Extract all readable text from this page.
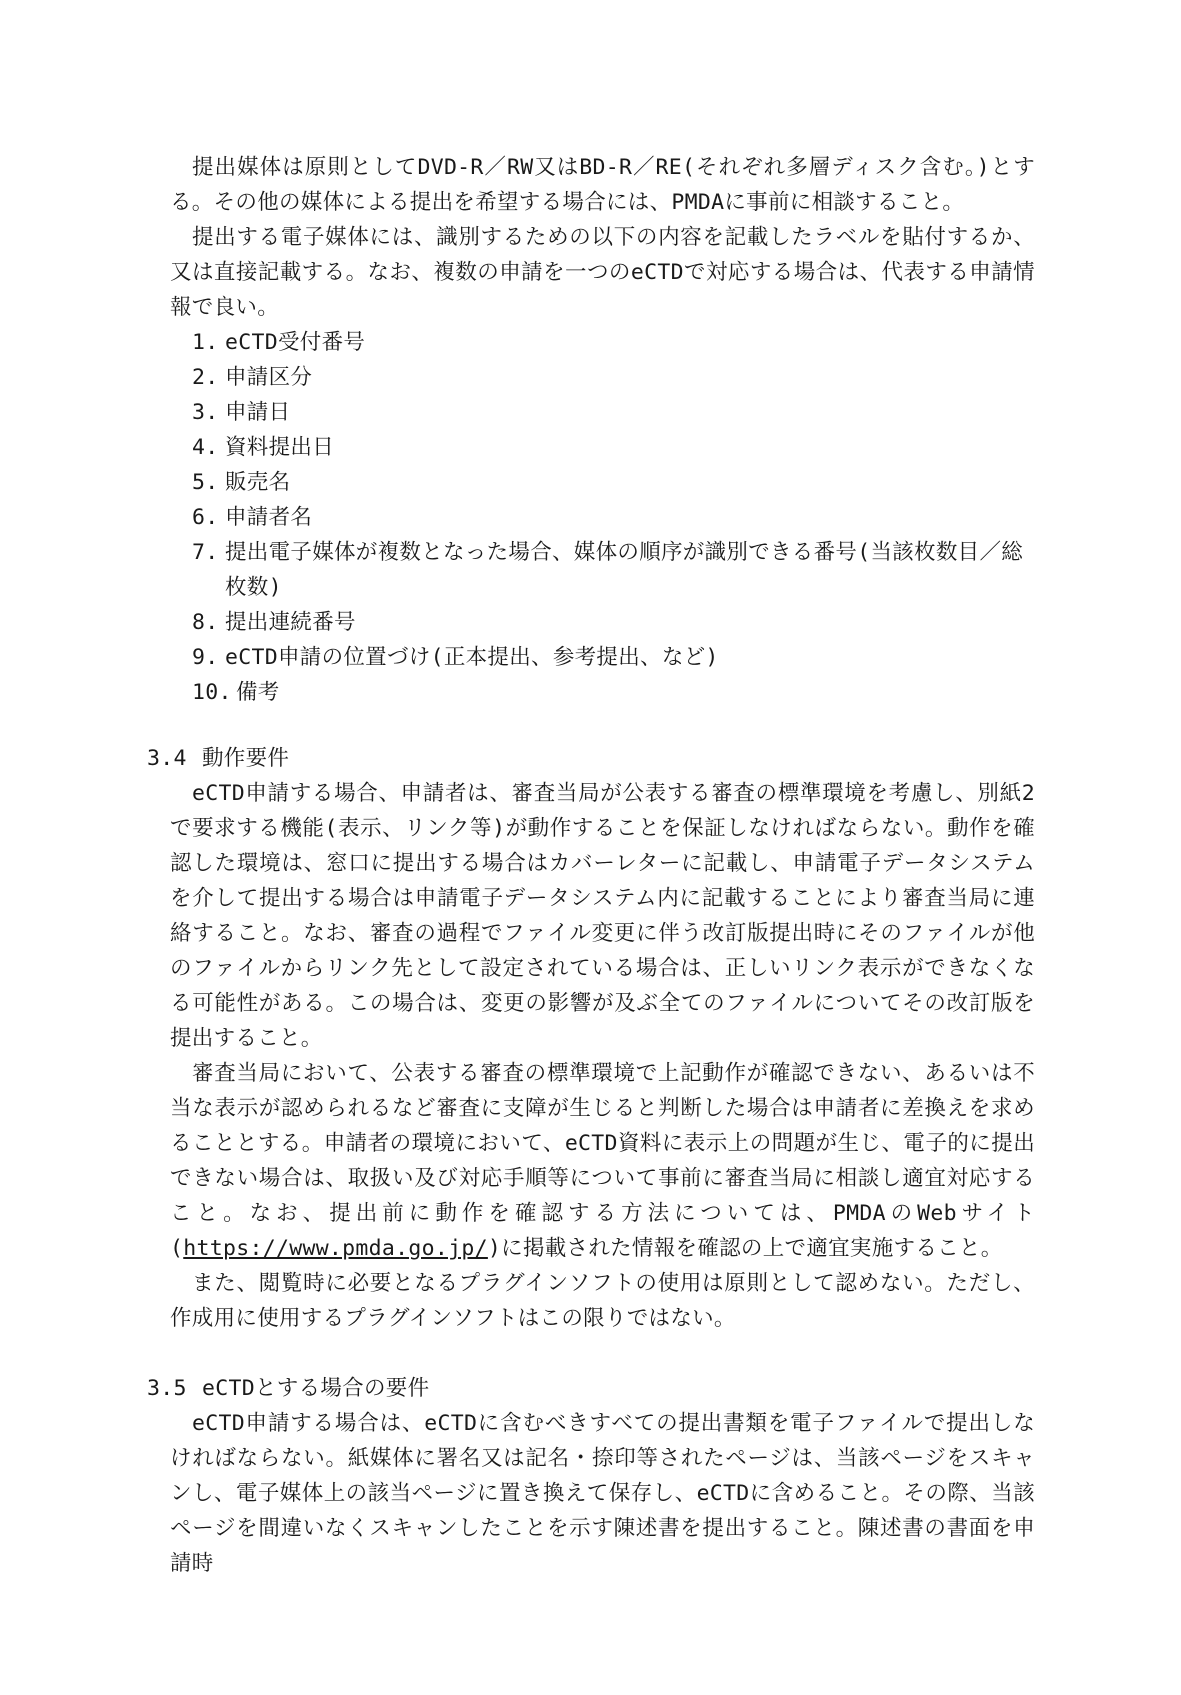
提出媒体は原則としてDVD-R／RW又はBD-R／RE(それぞれ多層ディスク含む。)とする。その他の媒体による提出を希望する場合には、PMDAに事前に相談すること。

提出する電子媒体には、識別するための以下の内容を記載したラベルを貼付するか、又は直接記載する。なお、複数の申請を一つのeCTDで対応する場合は、代表する申請情報で良い。

1. eCTD受付番号
2. 申請区分
3. 申請日
4. 資料提出日
5. 販売名
6. 申請者名
7. 提出電子媒体が複数となった場合、媒体の順序が識別できる番号(当該枚数目／総枚数)
8. 提出連続番号
9. eCTD申請の位置づけ(正本提出、参考提出、など)
10. 備考
3.4 動作要件

eCTD申請する場合、申請者は、審査当局が公表する審査の標準環境を考慮し、別紙2で要求する機能(表示、リンク等)が動作することを保証しなければならない。動作を確認した環境は、窓口に提出する場合はカバーレターに記載し、申請電子データシステムを介して提出する場合は申請電子データシステム内に記載することにより審査当局に連絡すること。なお、審査の過程でファイル変更に伴う改訂版提出時にそのファイルが他のファイルからリンク先として設定されている場合は、正しいリンク表示ができなくなる可能性がある。この場合は、変更の影響が及ぶ全てのファイルについてその改訂版を提出すること。

審査当局において、公表する審査の標準環境で上記動作が確認できない、あるいは不当な表示が認められるなど審査に支障が生じると判断した場合は申請者に差換えを求めることとする。申請者の環境において、eCTD資料に表示上の問題が生じ、電子的に提出できない場合は、取扱い及び対応手順等について事前に審査当局に相談し適宜対応すること。なお、提出前に動作を確認する方法については、PMDAのWebサイト(https://www.pmda.go.jp/)に掲載された情報を確認の上で適宜実施すること。

また、閲覧時に必要となるプラグインソフトの使用は原則として認めない。ただし、作成用に使用するプラグインソフトはこの限りではない。

3.5 eCTDとする場合の要件

eCTD申請する場合は、eCTDに含むべきすべての提出書類を電子ファイルで提出しなければならない。紙媒体に署名又は記名・捺印等されたページは、当該ページをスキャンし、電子媒体上の該当ページに置き換えて保存し、eCTDに含めること。その際、当該ページを間違いなくスキャンしたことを示す陳述書を提出すること。陳述書の書面を申請時
